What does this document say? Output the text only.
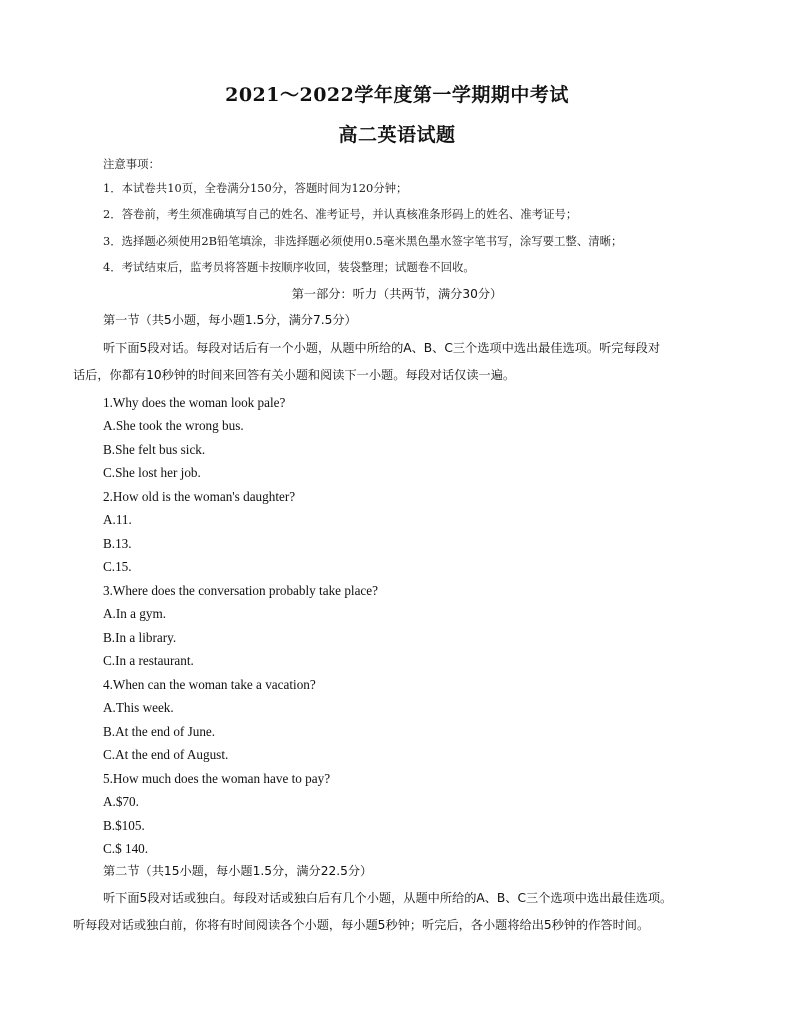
2021～2022学年度第一学期期中考试
高二英语试题
注意事项：
1．本试卷共10页，全卷满分150分，答题时间为120分钟；
2．答卷前，考生须准确填写自己的姓名、准考证号，并认真核准条形码上的姓名、准考证号；
3．选择题必须使用2B铅笔填涂，非选择题必须使用0.5毫米黑色墨水签字笔书写，涂写要工整、清晰；
4．考试结束后，监考员将答题卡按顺序收回，装袋整理；试题卷不回收。
第一部分：听力（共两节，满分30分）
第一节（共5小题，每小题1.5分，满分7.5分）
听下面5段对话。每段对话后有一个小题，从题中所给的A、B、C三个选项中选出最佳选项。听完每段对
话后，你都有10秒钟的时间来回答有关小题和阅读下一小题。每段对话仅读一遍。
1.Why does the woman look pale?
A.She took the wrong bus.
B.She felt bus sick.
C.She lost her job.
2.How old is the woman's daughter?
A.11.
B.13.
C.15.
3.Where does the conversation probably take place?
A.In a gym.
B.In a library.
C.In a restaurant.
4.When can the woman take a vacation?
A.This week.
B.At the end of June.
C.At the end of August.
5.How much does the woman have to pay?
A.$70.
B.$105.
C.$ 140.
第二节（共15小题，每小题1.5分，满分22.5分）
听下面5段对话或独白。每段对话或独白后有几个小题，从题中所给的A、B、C三个选项中选出最佳选项。
听每段对话或独白前，你将有时间阅读各个小题，每小题5秒钟；听完后，各小题将给出5秒钟的作答时间。
